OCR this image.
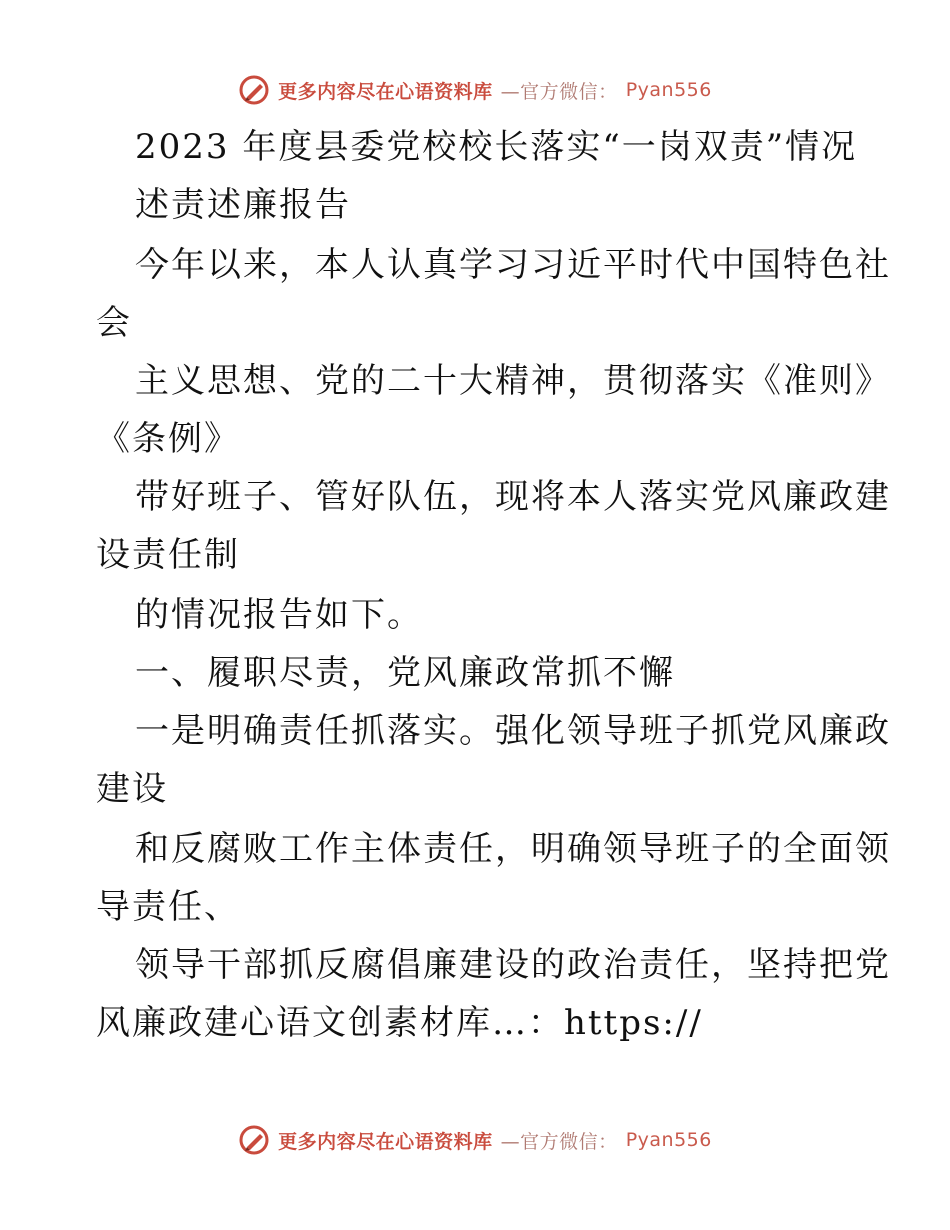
更多内容尽在心语资料库 —官方微信： Pyan556
2023 年度县委党校校长落实“一岗双责”情况
述责述廉报告
今年以来，本人认真学习习近平时代中国特色社
会
主义思想、党的二十大精神，贯彻落实《准则》
《条例》
带好班子、管好队伍，现将本人落实党风廉政建
设责任制
的情况报告如下。
一、履职尽责，党风廉政常抓不懈
一是明确责任抓落实。强化领导班子抓党风廉政
建设
和反腐败工作主体责任，明确领导班子的全面领
导责任、
领导干部抓反腐倡廉建设的政治责任，坚持把党
风廉政建心语文创素材库…：https://
更多内容尽在心语资料库 —官方微信： Pyan556
